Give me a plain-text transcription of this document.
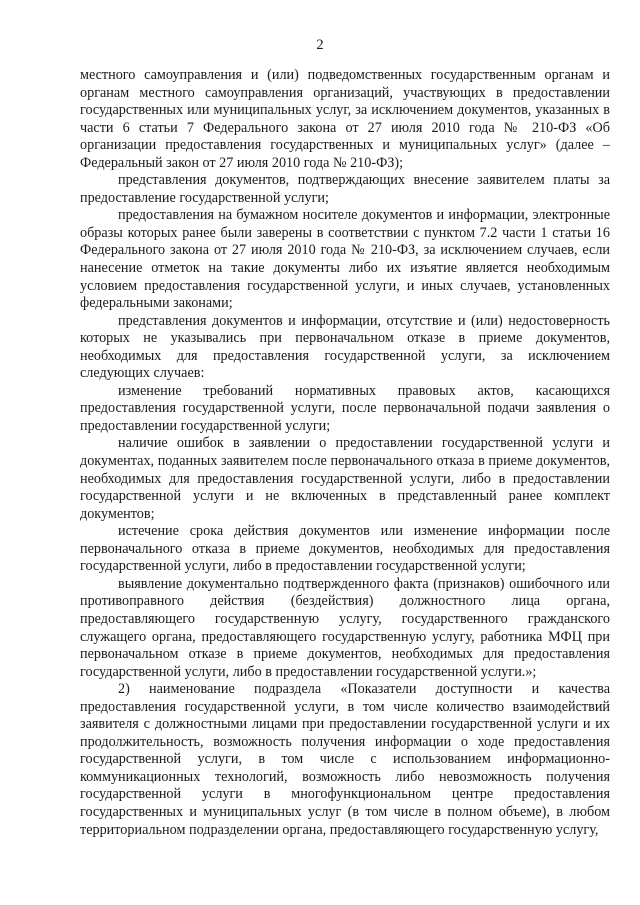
2

местного самоуправления и (или) подведомственных государственным органам и органам местного самоуправления организаций, участвующих в предоставлении государственных или муниципальных услуг, за исключением документов, указанных в части 6 статьи 7 Федерального закона от 27 июля 2010 года № 210-ФЗ «Об организации предоставления государственных и муниципальных услуг» (далее – Федеральный закон от 27 июля 2010 года № 210-ФЗ);

представления документов, подтверждающих внесение заявителем платы за предоставление государственной услуги;

предоставления на бумажном носителе документов и информации, электронные образы которых ранее были заверены в соответствии с пунктом 7.2 части 1 статьи 16 Федерального закона от 27 июля 2010 года № 210-ФЗ, за исключением случаев, если нанесение отметок на такие документы либо их изъятие является необходимым условием предоставления государственной услуги, и иных случаев, установленных федеральными законами;

представления документов и информации, отсутствие и (или) недостоверность которых не указывались при первоначальном отказе в приеме документов, необходимых для предоставления государственной услуги, за исключением следующих случаев:

изменение требований нормативных правовых актов, касающихся предоставления государственной услуги, после первоначальной подачи заявления о предоставлении государственной услуги;

наличие ошибок в заявлении о предоставлении государственной услуги и документах, поданных заявителем после первоначального отказа в приеме документов, необходимых для предоставления государственной услуги, либо в предоставлении государственной услуги и не включенных в представленный ранее комплект документов;

истечение срока действия документов или изменение информации после первоначального отказа в приеме документов, необходимых для предоставления государственной услуги, либо в предоставлении государственной услуги;

выявление документально подтвержденного факта (признаков) ошибочного или противоправного действия (бездействия) должностного лица органа, предоставляющего государственную услугу, государственного гражданского служащего органа, предоставляющего государственную услугу, работника МФЦ при первоначальном отказе в приеме документов, необходимых для предоставления государственной услуги, либо в предоставлении государственной услуги.»;

2) наименование подраздела «Показатели доступности и качества предоставления государственной услуги, в том числе количество взаимодействий заявителя с должностными лицами при предоставлении государственной услуги и их продолжительность, возможность получения информации о ходе предоставления государственной услуги, в том числе с использованием информационно-коммуникационных технологий, возможность либо невозможность получения государственной услуги в многофункциональном центре предоставления государственных и муниципальных услуг (в том числе в полном объеме), в любом территориальном подразделении органа, предоставляющего государственную услугу,
